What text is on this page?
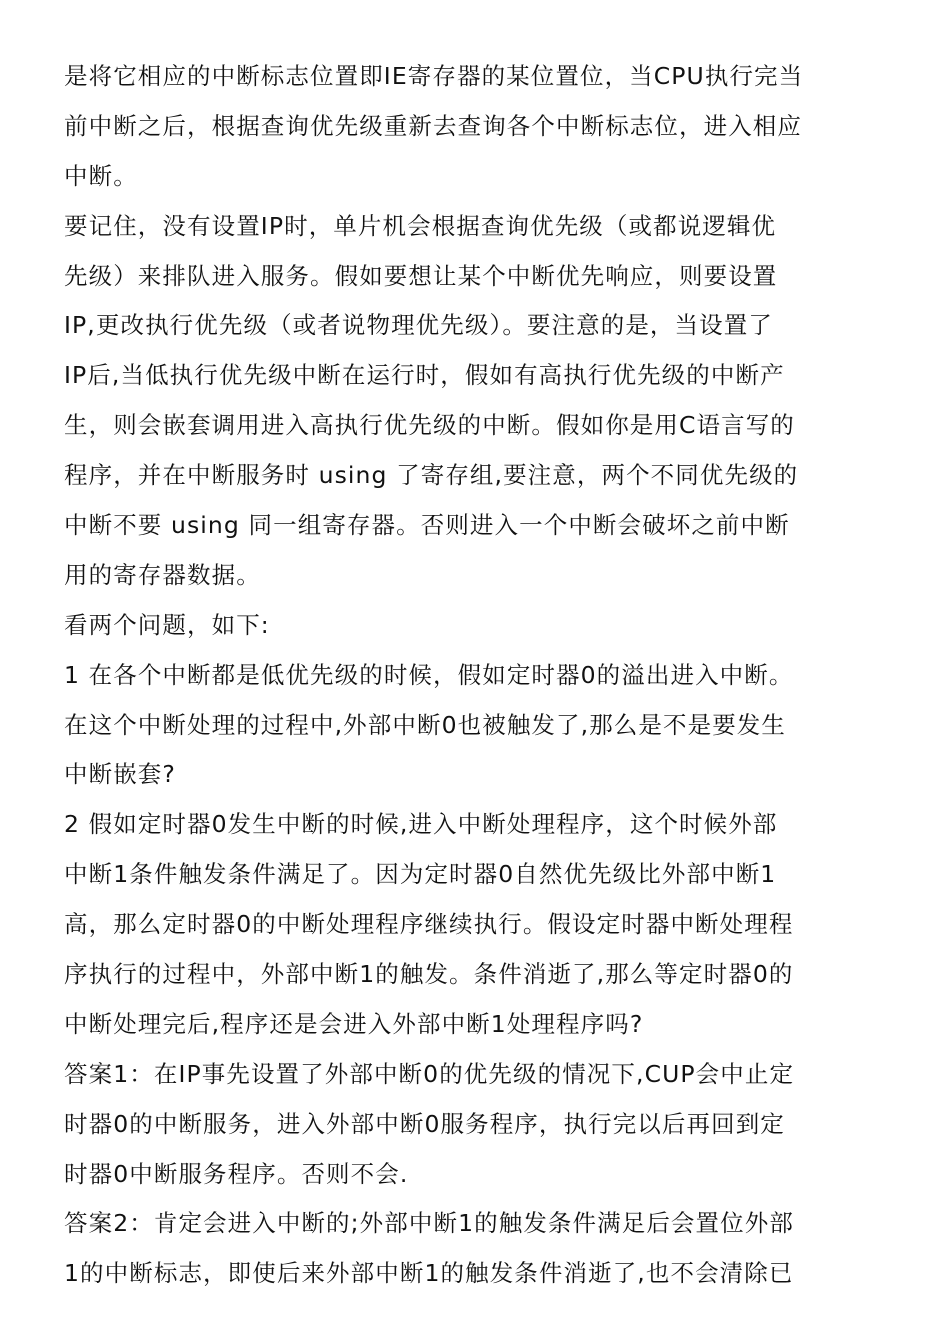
是将它相应的中断标志位置即IE寄存器的某位置位，当CPU执行完当
前中断之后，根据查询优先级重新去查询各个中断标志位，进入相应
中断。
要记住，没有设置IP时，单片机会根据查询优先级（或都说逻辑优
先级）来排队进入服务。假如要想让某个中断优先响应，则要设置
IP,更改执行优先级（或者说物理优先级）。要注意的是，当设置了
IP后,当低执行优先级中断在运行时，假如有高执行优先级的中断产
生，则会嵌套调用进入高执行优先级的中断。假如你是用C语言写的
程序，并在中断服务时 using 了寄存组,要注意，两个不同优先级的
中断不要 using 同一组寄存器。否则进入一个中断会破坏之前中断
用的寄存器数据。
看两个问题，如下:
1 在各个中断都是低优先级的时候，假如定时器0的溢出进入中断。
在这个中断处理的过程中,外部中断0也被触发了,那么是不是要发生
中断嵌套?
2 假如定时器0发生中断的时候,进入中断处理程序，这个时候外部
中断1条件触发条件满足了。因为定时器0自然优先级比外部中断1
高，那么定时器0的中断处理程序继续执行。假设定时器中断处理程
序执行的过程中，外部中断1的触发。条件消逝了,那么等定时器0的
中断处理完后,程序还是会进入外部中断1处理程序吗?
答案1：在IP事先设置了外部中断0的优先级的情况下,CUP会中止定
时器0的中断服务，进入外部中断0服务程序，执行完以后再回到定
时器0中断服务程序。否则不会.
答案2：肯定会进入中断的;外部中断1的触发条件满足后会置位外部
1的中断标志，即使后来外部中断1的触发条件消逝了,也不会清除已
